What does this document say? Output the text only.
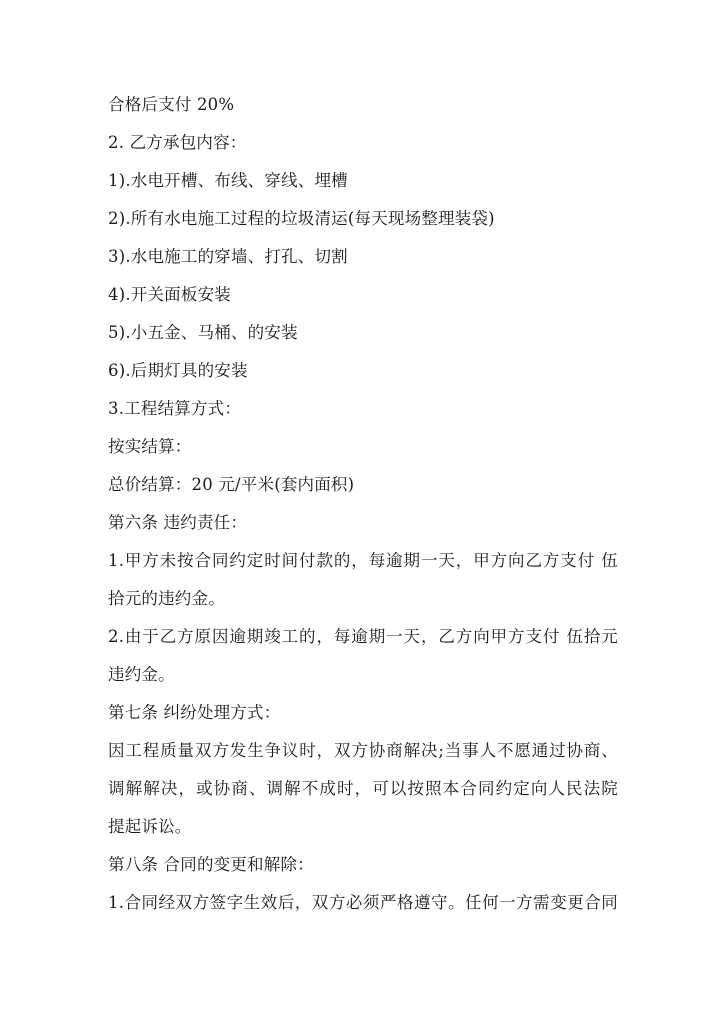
合格后支付 20%
2. 乙方承包内容：
1).水电开槽、布线、穿线、埋槽
2).所有水电施工过程的垃圾清运(每天现场整理装袋)
3).水电施工的穿墙、打孔、切割
4).开关面板安装
5).小五金、马桶、的安装
6).后期灯具的安装
3.工程结算方式：
按实结算：
总价结算：20 元/平米(套内面积)
第六条 违约责任：
1.甲方未按合同约定时间付款的，每逾期一天，甲方向乙方支付 伍
拾元的违约金。
2.由于乙方原因逾期竣工的，每逾期一天，乙方向甲方支付 伍拾元
违约金。
第七条 纠纷处理方式：
因工程质量双方发生争议时，双方协商解决;当事人不愿通过协商、
调解解决，或协商、调解不成时，可以按照本合同约定向人民法院
提起诉讼。
第八条 合同的变更和解除：
1.合同经双方签字生效后，双方必须严格遵守。任何一方需变更合同
